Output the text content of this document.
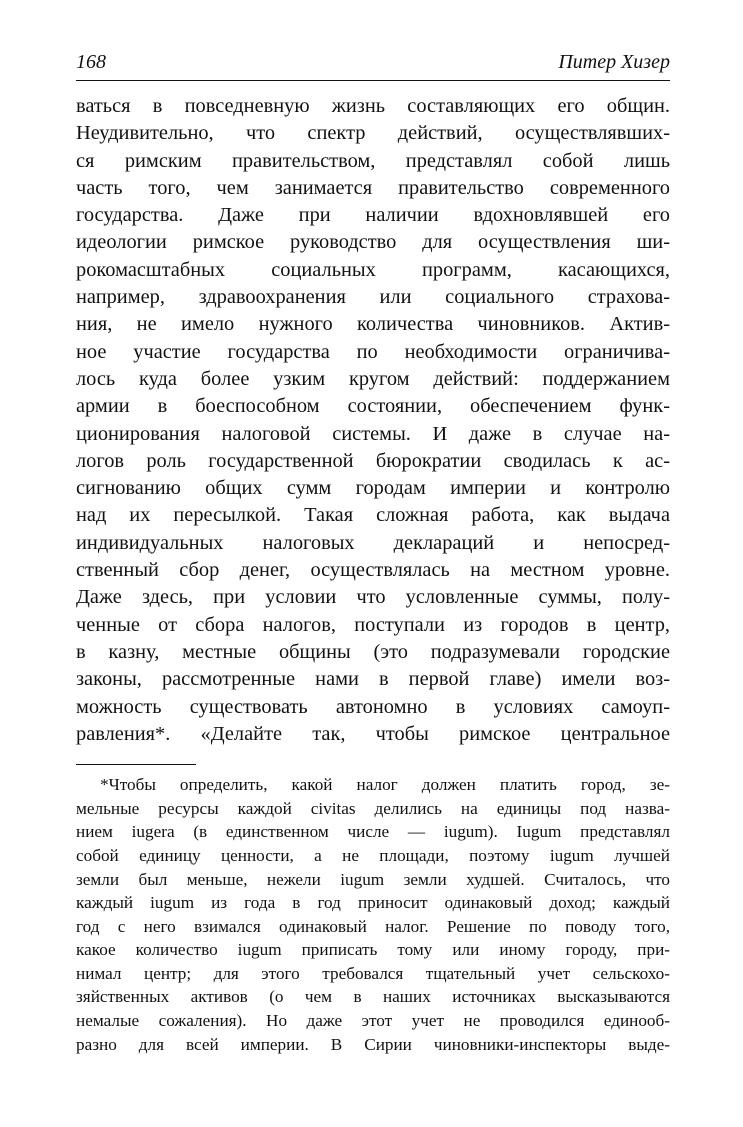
168	Питер Хизер
ваться в повседневную жизнь составляющих его общин.
Неудивительно, что спектр действий, осуществлявших-
ся римским правительством, представлял собой лишь
часть того, чем занимается правительство современного
государства. Даже при наличии вдохновлявшей его
идеологии римское руководство для осуществления ши-
рокомасштабных социальных программ, касающихся,
например, здравоохранения или социального страхова-
ния, не имело нужного количества чиновников. Актив-
ное участие государства по необходимости ограничива-
лось куда более узким кругом действий: поддержанием
армии в боеспособном состоянии, обеспечением функ-
ционирования налоговой системы. И даже в случае на-
логов роль государственной бюрократии сводилась к ас-
сигнованию общих сумм городам империи и контролю
над их пересылкой. Такая сложная работа, как выдача
индивидуальных налоговых деклараций и непосред-
ственный сбор денег, осуществлялась на местном уровне.
Даже здесь, при условии что условленные суммы, полу-
ченные от сбора налогов, поступали из городов в центр,
в казну, местные общины (это подразумевали городские
законы, рассмотренные нами в первой главе) имели воз-
можность существовать автономно в условиях самоуп-
равления*. «Делайте так, чтобы римское центральное
*Чтобы определить, какой налог должен платить город, зе-
мельные ресурсы каждой civitas делились на единицы под назва-
нием iugera (в единственном числе — iugum). Iugum представлял
собой единицу ценности, а не площади, поэтому iugum лучшей
земли был меньше, нежели iugum земли худшей. Считалось, что
каждый iugum из года в год приносит одинаковый доход; каждый
год с него взимался одинаковый налог. Решение по поводу того,
какое количество iugum приписать тому или иному городу, при-
нимал центр; для этого требовался тщательный учет сельскохо-
зяйственных активов (о чем в наших источниках высказываются
немалые сожаления). Но даже этот учет не проводился единооб-
разно для всей империи. В Сирии чиновники-инспекторы выде-
